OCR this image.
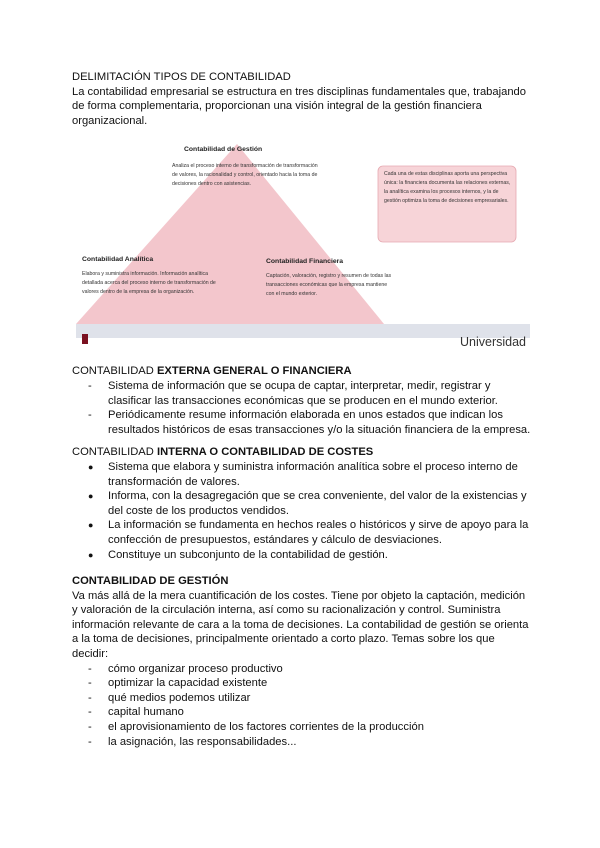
DELIMITACIÓN TIPOS DE CONTABILIDAD

La contabilidad empresarial se estructura en tres disciplinas fundamentales que, trabajando de forma complementaria, proporcionan una visión integral de la gestión financiera organizacional.

Contabilidad de Gestión
Analiza el proceso interno de transformación de transformación de valores, la racionalidad y control, orientado hacia la toma de decisiones dentro con asistencias.
Cada una de estas disciplinas aporta una perspectiva única: la financiera documenta las relaciones externas, la analítica examina los procesos internos, y la de gestión optimiza la toma de decisiones empresariales.
Contabilidad Analítica
Elabora y suministra información. Información analítica detallada acerca del proceso interno de transformación de valores dentro de la empresa de la organización.
Contabilidad Financiera
Captación, valoración, registro y resumen de todas las transacciones económicas que la empresa mantiene con el mundo exterior.
Universidad

CONTABILIDAD EXTERNA GENERAL O FINANCIERA

- Sistema de información que se ocupa de captar, interpretar, medir, registrar y clasificar las transacciones económicas que se producen en el mundo exterior.
- Periódicamente resume información elaborada en unos estados que indican los resultados históricos de esas transacciones y/o la situación financiera de la empresa.

CONTABILIDAD INTERNA O CONTABILIDAD DE COSTES

● Sistema que elabora y suministra información analítica sobre el proceso interno de transformación de valores.
● Informa, con la desagregación que se crea conveniente, del valor de la existencias y del coste de los productos vendidos.
● La información se fundamenta en hechos reales o históricos y sirve de apoyo para la confección de presupuestos, estándares y cálculo de desviaciones.
● Constituye un subconjunto de la contabilidad de gestión.

CONTABILIDAD DE GESTIÓN

Va más allá de la mera cuantificación de los costes. Tiene por objeto la captación, medición y valoración de la circulación interna, así como su racionalización y control. Suministra información relevante de cara a la toma de decisiones. La contabilidad de gestión se orienta a la toma de decisiones, principalmente orientado a corto plazo. Temas sobre los que decidir:

- cómo organizar proceso productivo
- optimizar la capacidad existente
- qué medios podemos utilizar
- capital humano
- el aprovisionamiento de los factores corrientes de la producción
- la asignación, las responsabilidades...
